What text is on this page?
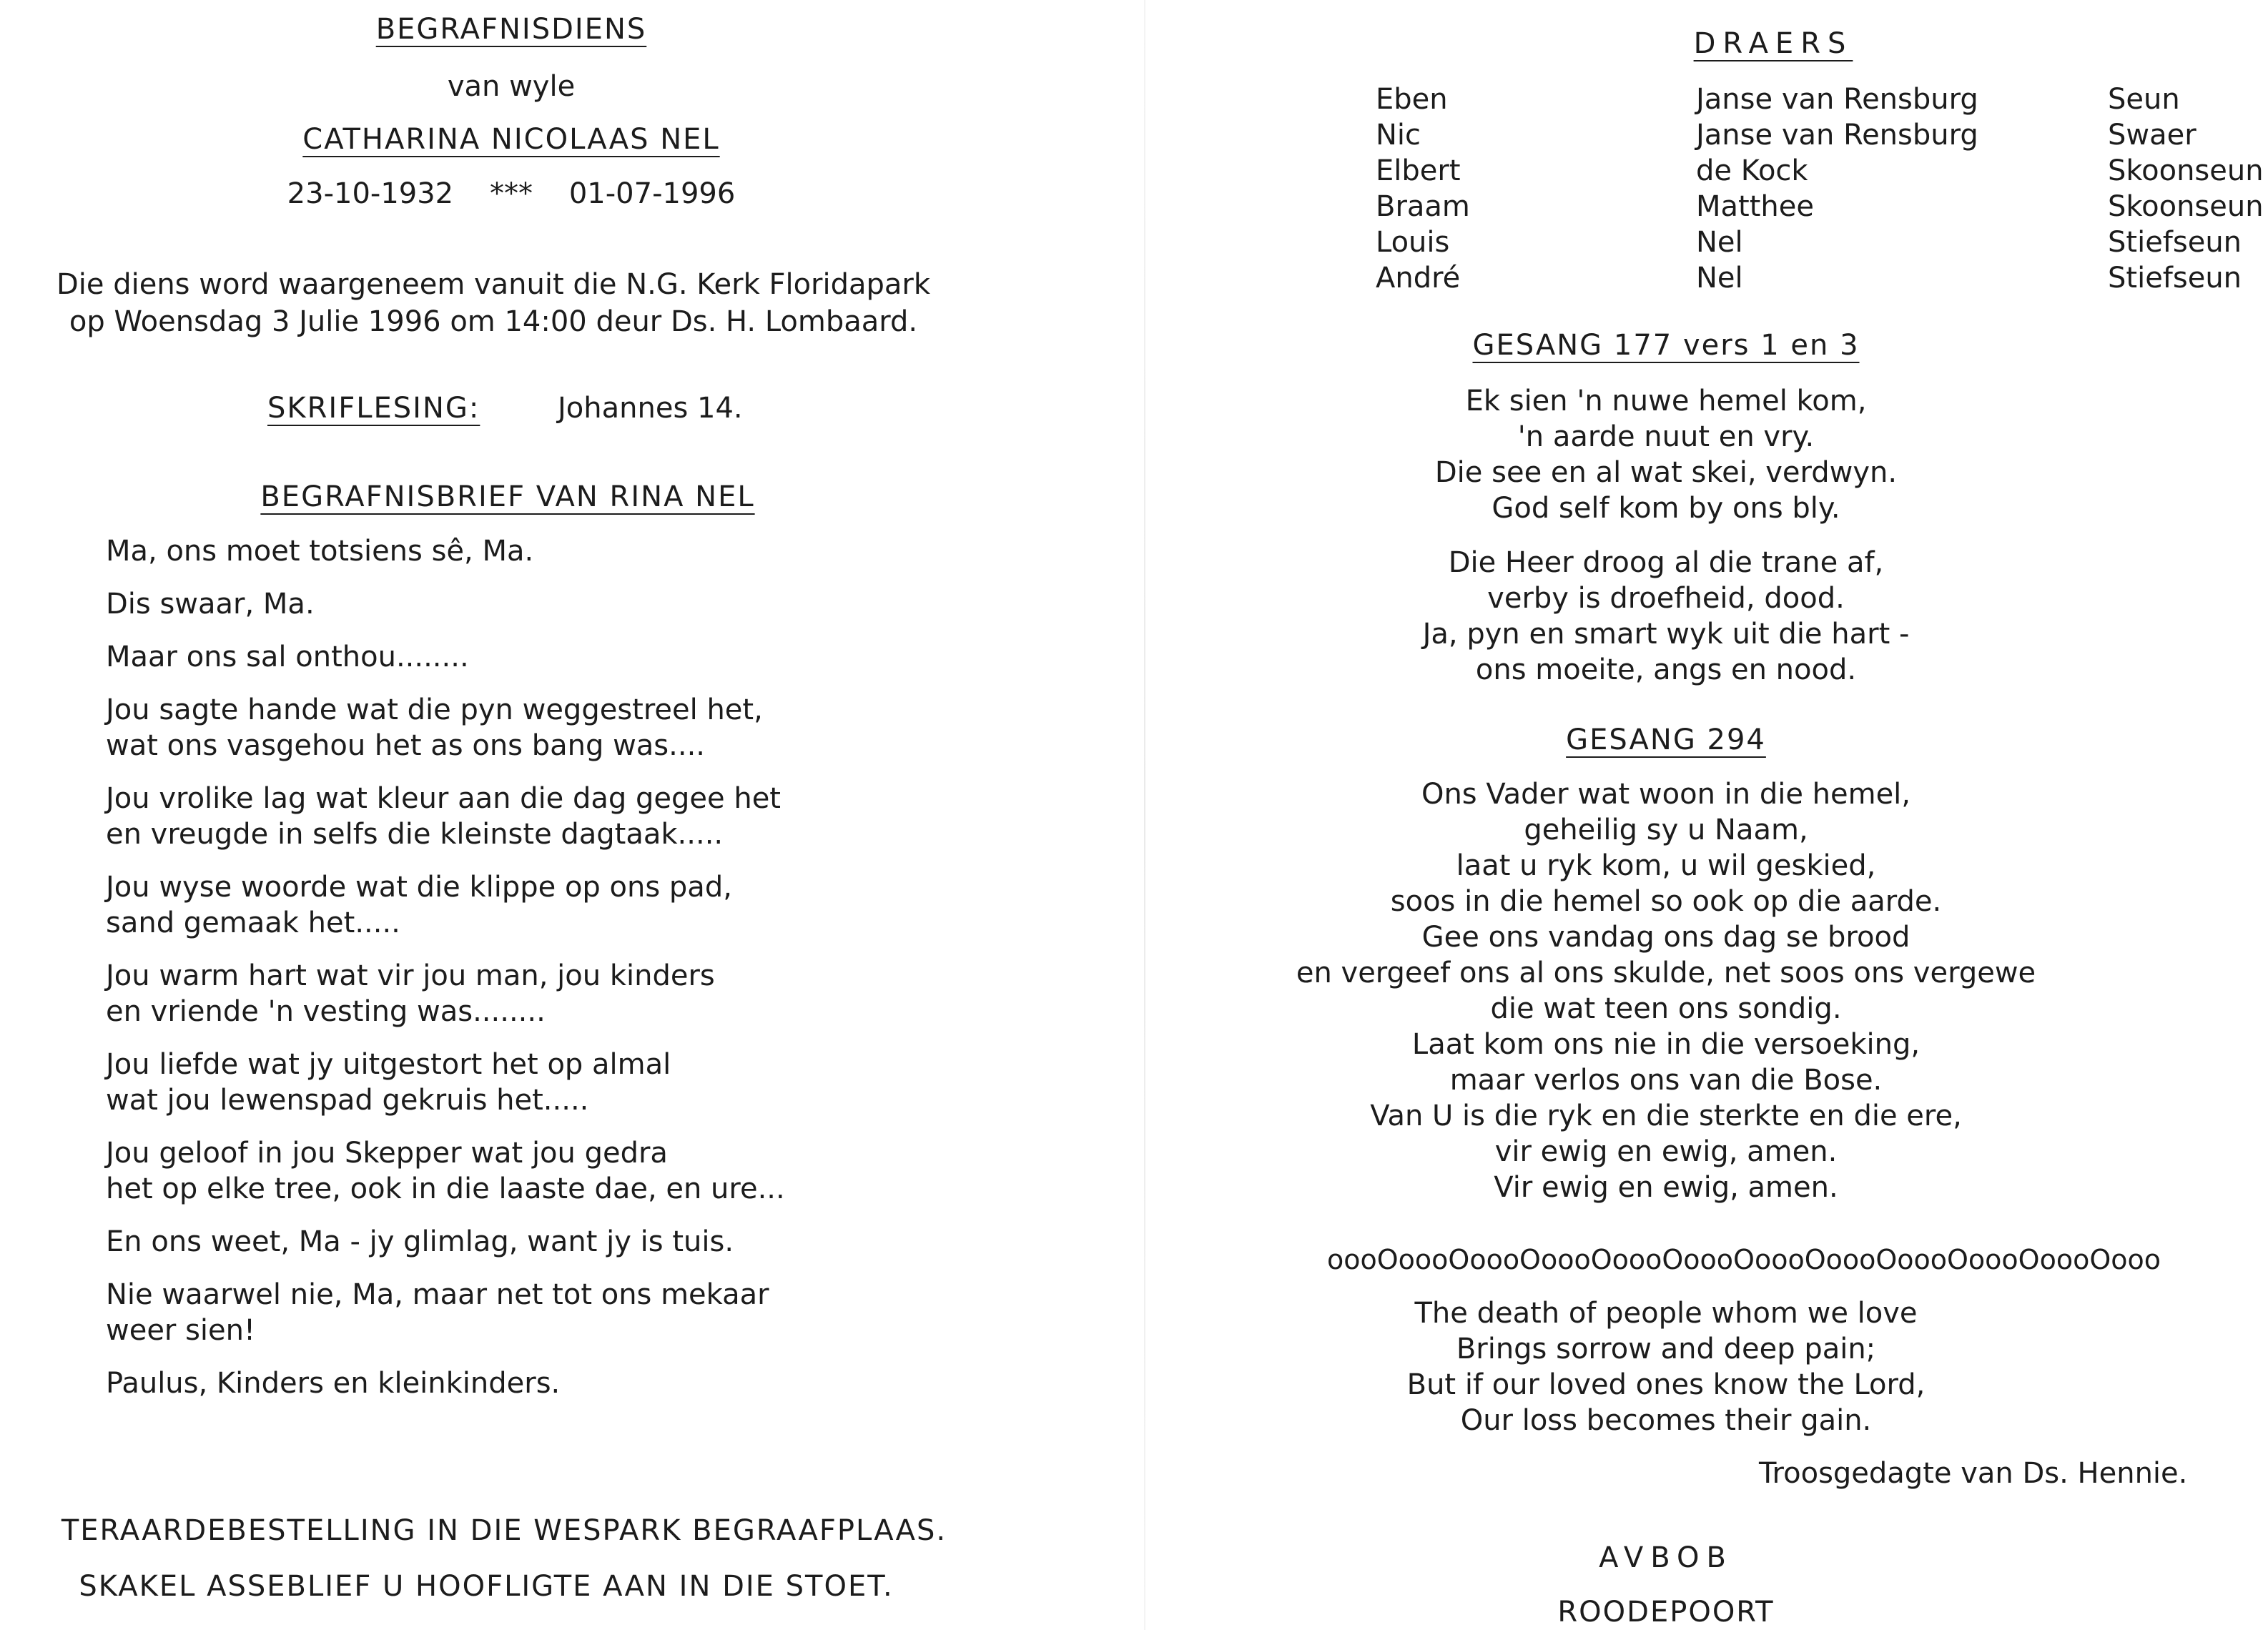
BEGRAFNISDIENS
van wyle
CATHARINA NICOLAAS NEL
23-10-1932    ***    01-07-1996
Die diens word waargeneem vanuit die N.G. Kerk Floridapark
op Woensdag 3 Julie 1996 om 14:00 deur Ds. H. Lombaard.
SKRIFLESING:	Johannes 14.
BEGRAFNISBRIEF VAN RINA NEL
Ma, ons moet totsiens sê, Ma.
Dis swaar, Ma.
Maar ons sal onthou........
Jou sagte hande wat die pyn weggestreel het,
wat ons vasgehou het as ons bang was....
Jou vrolike lag wat kleur aan die dag gegee het
en vreugde in selfs die kleinste dagtaak.....
Jou wyse woorde wat die klippe op ons pad,
sand gemaak het.....
Jou warm hart wat vir jou man, jou kinders
en vriende 'n vesting was........
Jou liefde wat jy uitgestort het op almal
wat jou lewenspad gekruis het.....
Jou geloof in jou Skepper wat jou gedra
het op elke tree, ook in die laaste dae, en ure...
En ons weet, Ma - jy glimlag, want jy is tuis.
Nie waarwel nie, Ma, maar net tot ons mekaar
weer sien!
Paulus, Kinders en kleinkinders.
TERAARDEBESTELLING IN DIE WESPARK BEGRAAFPLAAS.
SKAKEL ASSEBLIEF U HOOFLIGTE AAN IN DIE STOET.
DRAERS
Eben
Nic
Elbert
Braam
Louis
André
Janse van Rensburg
Janse van Rensburg
de Kock
Matthee
Nel
Nel
Seun
Swaer
Skoonseun
Skoonseun
Stiefseun
Stiefseun
GESANG 177 vers 1 en 3
Ek sien 'n nuwe hemel kom,
'n aarde nuut en vry.
Die see en al wat skei, verdwyn.
God self kom by ons bly.
Die Heer droog al die trane af,
verby is droefheid, dood.
Ja, pyn en smart wyk uit die hart -
ons moeite, angs en nood.
GESANG 294
Ons Vader wat woon in die hemel,
geheilig sy u Naam,
laat u ryk kom, u wil geskied,
soos in die hemel so ook op die aarde.
Gee ons vandag ons dag se brood
en vergeef ons al ons skulde, net soos ons vergewe
die wat teen ons sondig.
Laat kom ons nie in die versoeking,
maar verlos ons van die Bose.
Van U is die ryk en die sterkte en die ere,
vir ewig en ewig, amen.
Vir ewig en ewig, amen.
oooOoooOoooOoooOoooOoooOoooOoooOoooOoooOoooOooo
The death of people whom we love
Brings sorrow and deep pain;
But if our loved ones know the Lord,
Our loss becomes their gain.
Troosgedagte van Ds. Hennie.
AVBOB
ROODEPOORT
